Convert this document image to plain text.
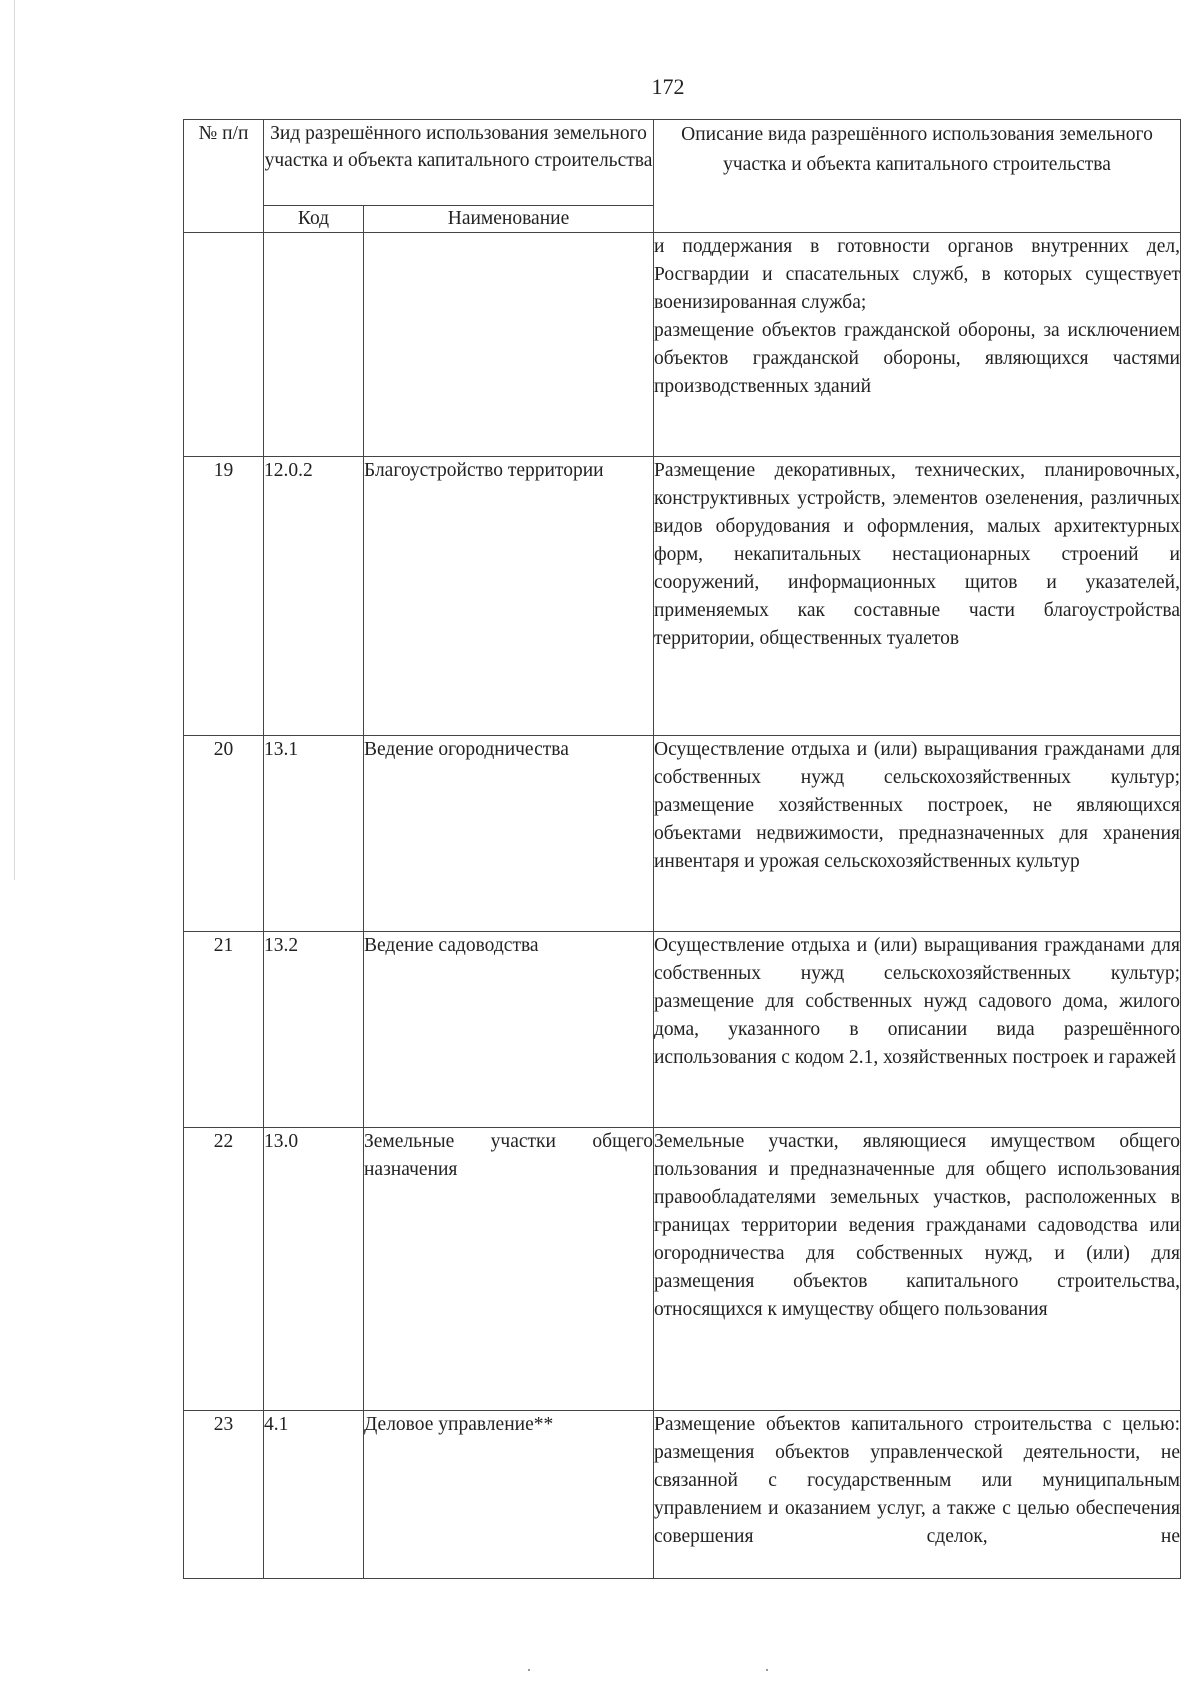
172
№ п/п	Зид разрешённого использования земельного участка и объекта капитального строительства		Описание вида разрешённого использования земельного участка и объекта капитального строительства
	Код	Наименование	

			и поддержания в готовности органов внутренних дел, Росгвардии и спасательных служб, в которых существует военизированная служба;

размещение объектов гражданской обороны, за исключением объектов гражданской обороны, являющихся частями производственных зданий

19	12.0.2	Благоустройство территории	Размещение декоративных, технических, планировочных, конструктивных устройств, элементов озеленения, различных видов оборудования и оформления, малых архитектурных форм, некапитальных нестационарных строений и сооружений, информационных щитов и указателей, применяемых как составные части благоустройства территории, общественных туалетов

20	13.1	Ведение огородничества	Осуществление отдыха и (или) выращивания гражданами для собственных нужд сельскохозяйственных культур; размещение хозяйственных построек, не являющихся объектами недвижимости, предназначенных для хранения инвентаря и урожая сельскохозяйственных культур

21	13.2	Ведение садоводства	Осуществление отдыха и (или) выращивания гражданами для собственных нужд сельскохозяйственных культур; размещение для собственных нужд садового дома, жилого дома, указанного в описании вида разрешённого использования с кодом 2.1, хозяйственных построек и гаражей

22	13.0	Земельные участки общего назначения	Земельные участки, являющиеся имуществом общего пользования и предназначенные для общего использования правообладателями земельных участков, расположенных в границах территории ведения гражданами садоводства или огородничества для собственных нужд, и (или) для размещения объектов капитального строительства, относящихся к имуществу общего пользования

23	4.1	Деловое управление**	Размещение объектов капитального строительства с целью: размещения объектов управленческой деятельности, не связанной с государственным или муниципальным управлением и оказанием услуг, а также с целью обеспечения совершения сделок, не
